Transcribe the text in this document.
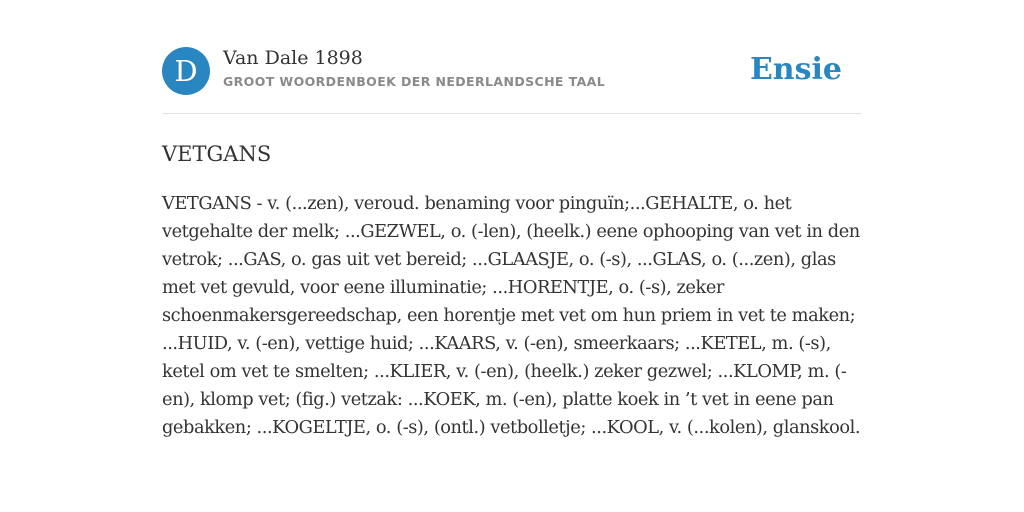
D	Van Dale 1898
GROOT WOORDENBOEK DER NEDERLANDSCHE TAAL	Ensie
VETGANS
VETGANS - v. (...zen), veroud. benaming voor pinguïn;...GEHALTE, o. het
vetgehalte der melk; ...GEZWEL, o. (-len), (heelk.) eene ophooping van vet in den
vetrok; ...GAS, o. gas uit vet bereid; ...GLAASJE, o. (-s), ...GLAS, o. (...zen), glas
met vet gevuld, voor eene illuminatie; ...HORENTJE, o. (-s), zeker
schoenmakersgereedschap, een horentje met vet om hun priem in vet te maken;
...HUID, v. (-en), vettige huid; ...KAARS, v. (-en), smeerkaars; ...KETEL, m. (-s),
ketel om vet te smelten; ...KLIER, v. (-en), (heelk.) zeker gezwel; ...KLOMP, m. (-
en), klomp vet; (fig.) vetzak: ...KOEK, m. (-en), platte koek in ’t vet in eene pan
gebakken; ...KOGELTJE, o. (-s), (ontl.) vetbolletje; ...KOOL, v. (...kolen), glanskool.
